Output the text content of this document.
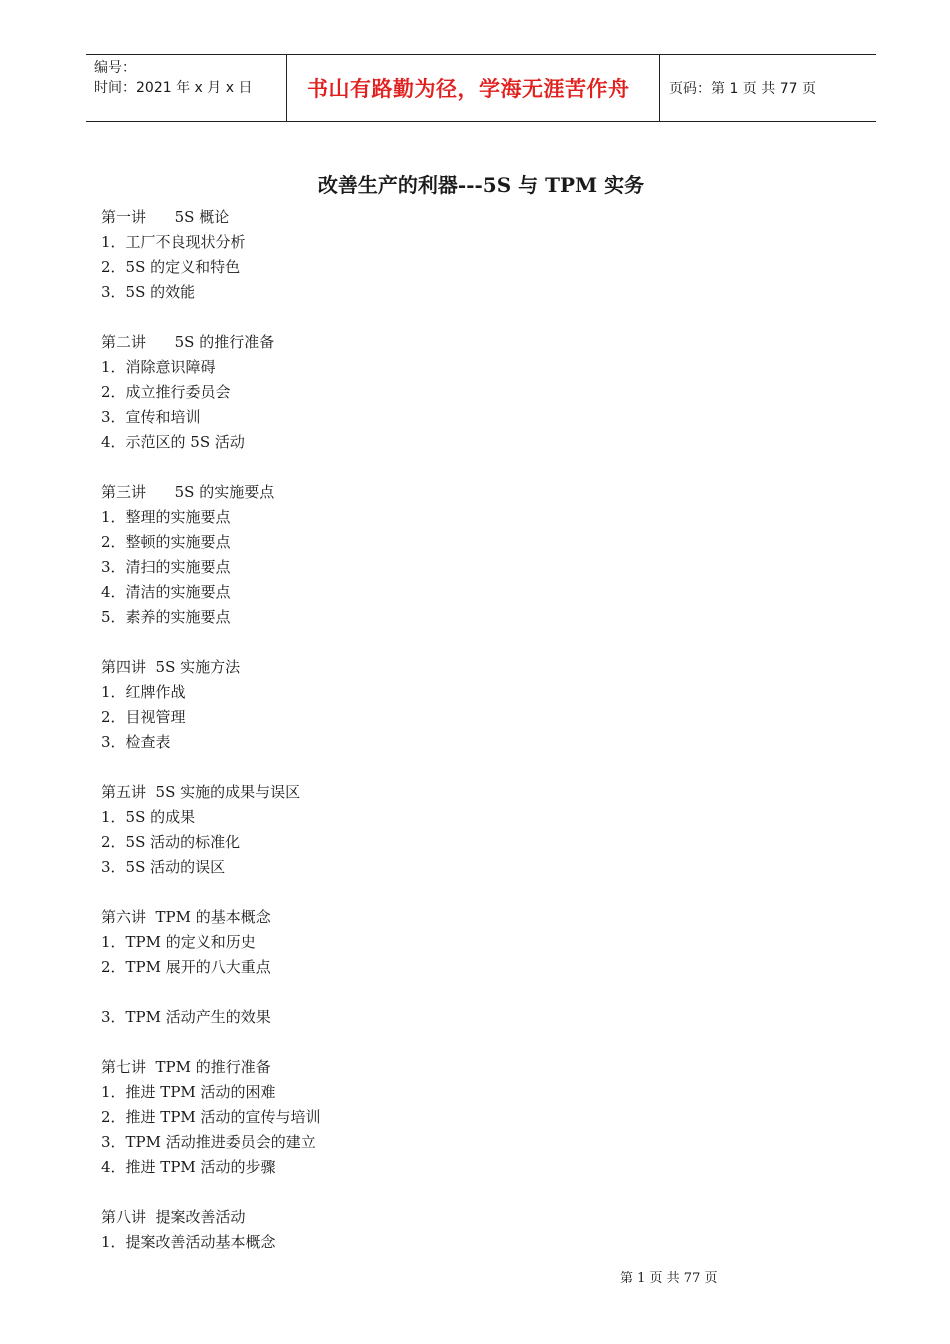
编号：
时间：2021 年 x 月 x 日	书山有路勤为径，学海无涯苦作舟	页码：第 1 页 共 77 页
改善生产的利器---5S 与 TPM 实务
第一讲      5S 概论
1．工厂不良现状分析
2．5S 的定义和特色
3．5S 的效能
第二讲      5S 的推行准备
1．消除意识障碍
2．成立推行委员会
3．宣传和培训
4．示范区的 5S 活动
第三讲      5S 的实施要点
1．整理的实施要点
2．整顿的实施要点
3．清扫的实施要点
4．清洁的实施要点
5．素养的实施要点
第四讲  5S 实施方法
1．红牌作战
2．目视管理
3．检查表
第五讲  5S 实施的成果与误区
1．5S 的成果
2．5S 活动的标准化
3．5S 活动的误区
第六讲  TPM 的基本概念
1．TPM 的定义和历史
2．TPM 展开的八大重点
3．TPM 活动产生的效果
第七讲  TPM 的推行准备
1．推进 TPM 活动的困难
2．推进 TPM 活动的宣传与培训
3．TPM 活动推进委员会的建立
4．推进 TPM 活动的步骤
第八讲  提案改善活动
1．提案改善活动基本概念
第 1 页 共 77 页
